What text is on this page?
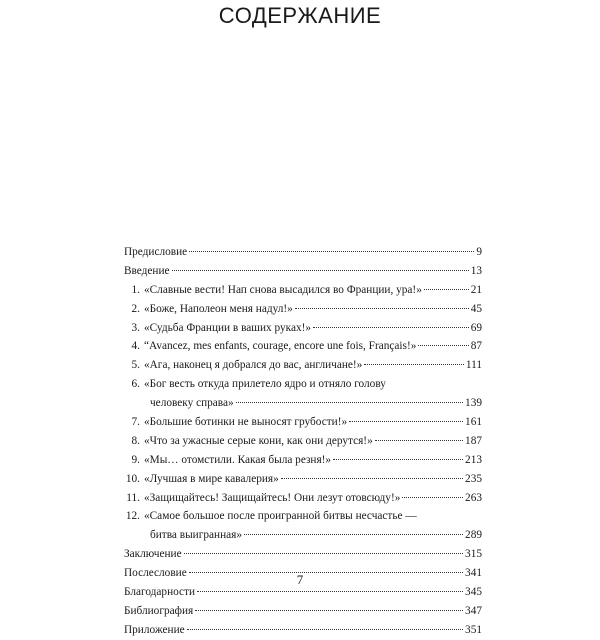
СОДЕРЖАНИЕ
Предисловие	9
Введение	13
1. «Славные вести! Нап снова высадился во Франции, ура!»	21
2. «Боже, Наполеон меня надул!»	45
3. «Судьба Франции в ваших руках!»	69
4. “Avancez, mes enfants, courage, encore une fois, Français!»	87
5. «Ага, наконец я добрался до вас, англичане!»	111
6. «Бог весть откуда прилетело ядро и отняло голову
человеку справа»	139
7. «Большие ботинки не выносят грубости!»	161
8. «Что за ужасные серые кони, как они дерутся!»	187
9. «Мы… отомстили. Какая была резня!»	213
10. «Лучшая в мире кавалерия»	235
11. «Защищайтесь! Защищайтесь! Они лезут отовсюду!»	263
12. «Самое большое после проигранной битвы несчастье —
битва выигранная»	289
Заключение	315
Послесловие	341
Благодарности	345
Библиография	347
Приложение	351
7
